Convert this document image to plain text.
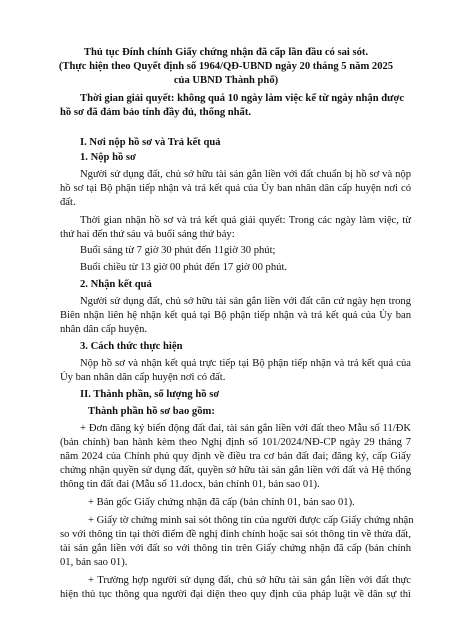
Thủ tục Đính chính Giấy chứng nhận đã cấp lần đầu có sai sót.
(Thực hiện theo Quyết định số 1964/QĐ-UBND ngày 20 tháng 5 năm 2025
của UBND Thành phố)
Thời gian giải quyết: không quá 10 ngày làm việc kể từ ngày nhận được
hồ sơ đã đảm bảo tính đầy đủ, thống nhất.
I. Nơi nộp hồ sơ và Trả kết quả
1. Nộp hồ sơ
Người sử dụng đất, chủ sở hữu tài sản gắn liền với đất chuẩn bị hồ sơ và nộp
hồ sơ tại Bộ phận tiếp nhận và trả kết quả của Ủy ban nhân dân cấp huyện nơi có
đất.
Thời gian nhận hồ sơ và trả kết quả giải quyết: Trong các ngày làm việc, từ
thứ hai đến thứ sáu và buổi sáng thứ bảy:
Buổi sáng từ 7 giờ 30 phút đến 11giờ 30 phút;
Buổi chiều từ 13 giờ 00 phút đến 17 giờ 00 phút.
2. Nhận kết quả
Người sử dụng đất, chủ sở hữu tài sản gắn liền với đất căn cứ ngày hẹn trong
Biên nhận liên hệ nhận kết quả tại Bộ phận tiếp nhận và trả kết quả của Ủy ban
nhân dân cấp huyện.
3. Cách thức thực hiện
Nộp hồ sơ và nhận kết quả trực tiếp tại Bộ phận tiếp nhận và trả kết quả của
Ủy ban nhân dân cấp huyện nơi có đất.
II. Thành phần, số lượng hồ sơ
Thành phần hồ sơ bao gồm:
+ Đơn đăng ký biến động đất đai, tài sản gắn liền với đất theo Mẫu số 11/ĐK
(bản chính) ban hành kèm theo Nghị định số 101/2024/NĐ-CP ngày 29 tháng 7
năm 2024 của Chính phủ quy định về điều tra cơ bản đất đai; đăng ký, cấp Giấy
chứng nhận quyền sử dụng đất, quyền sở hữu tài sản gắn liền với đất và Hệ thống
thông tin đất đai (Mẫu số 11.docx, bản chính 01, bản sao 01).
+ Bản gốc Giấy chứng nhận đã cấp (bản chính 01, bản sao 01).
+ Giấy tờ chứng minh sai sót thông tin của người được cấp Giấy chứng nhận
so với thông tin tại thời điểm đề nghị đính chính hoặc sai sót thông tin về thửa đất,
tài sản gắn liền với đất so với thông tin trên Giấy chứng nhận đã cấp (bản chính
01, bản sao 01).
+ Trường hợp người sử dụng đất, chủ sở hữu tài sản gắn liền với đất thực
hiện thủ tục thông qua người đại diện theo quy định của pháp luật về dân sự thì
